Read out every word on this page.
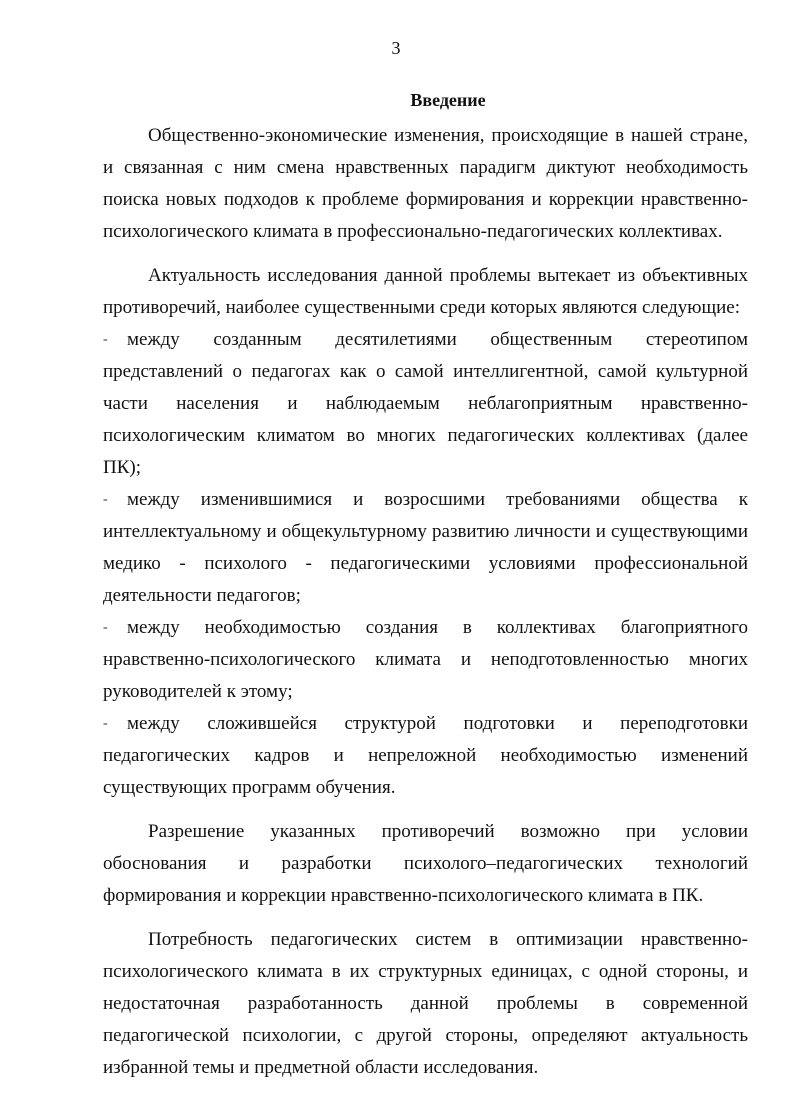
3
Введение

Общественно-экономические изменения, происходящие в нашей стране, и связанная с ним смена нравственных парадигм диктуют необходимость поиска новых подходов к проблеме формирования и коррекции нравственно-психологического климата в профессионально-педагогических коллективах.

Актуальность исследования данной проблемы вытекает из объективных противоречий, наиболее существенными среди которых являются следующие:

-	между созданным десятилетиями общественным стереотипом представлений о педагогах как о самой интеллигентной, самой культурной части населения и наблюдаемым неблагоприятным нравственно-психологическим климатом во многих педагогических коллективах (далее ПК);
-	между изменившимися и возросшими требованиями общества к интеллектуальному и общекультурному развитию личности и существующими медико - психолого - педагогическими условиями профессиональной деятельности педагогов;
-	между необходимостью создания в коллективах благоприятного нравственно-психологического климата и неподготовленностью многих руководителей к этому;
-	между сложившейся структурой подготовки и переподготовки педагогических кадров и непреложной необходимостью изменений существующих программ обучения.

Разрешение указанных противоречий возможно при условии обоснования и разработки психолого–педагогических технологий формирования и коррекции нравственно-психологического климата в ПК.

Потребность педагогических систем в оптимизации нравственно-психологического климата в их структурных единицах, с одной стороны, и недостаточная разработанность данной проблемы в современной педагогической психологии, с другой стороны, определяют актуальность избранной темы и предметной области исследования.
